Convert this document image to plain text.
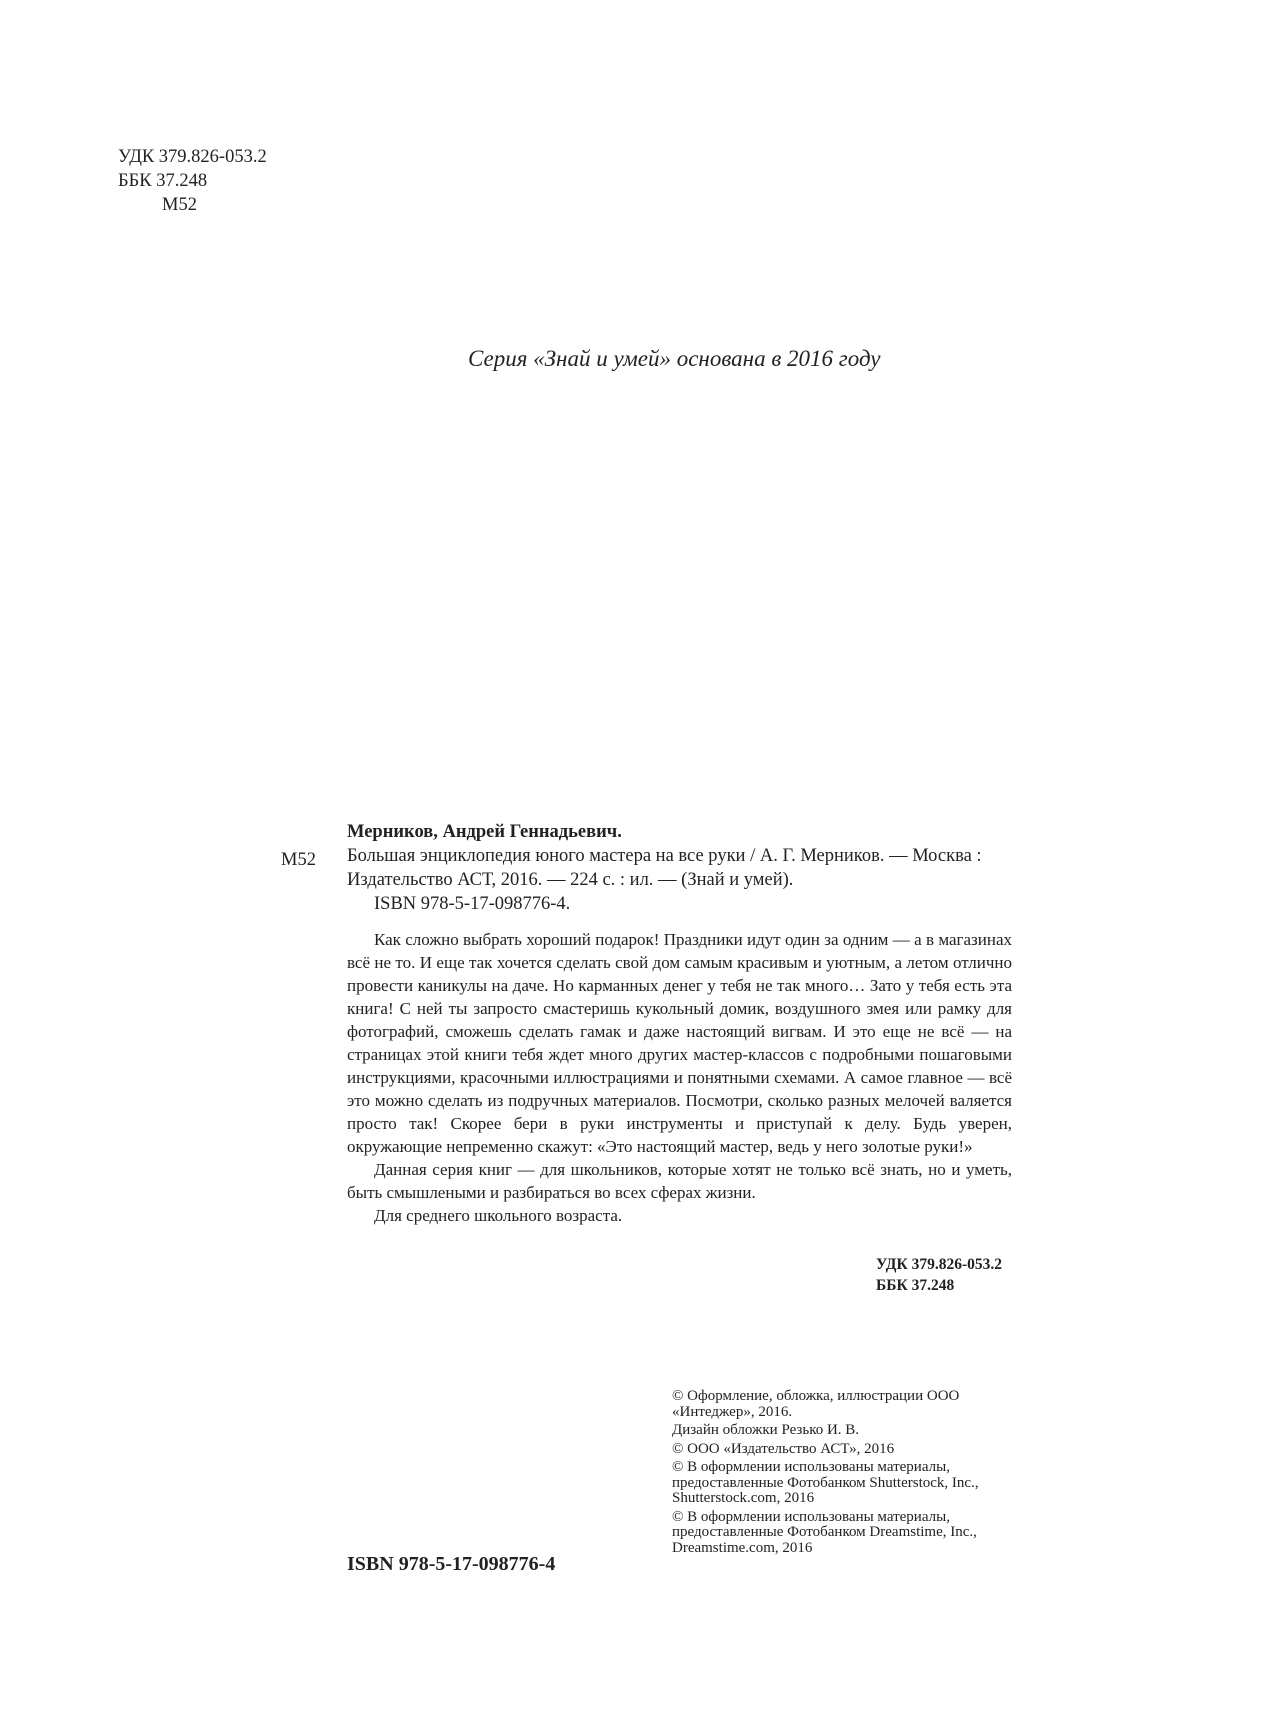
УДК 379.826-053.2
ББК 37.248
М52
Серия «Знай и умей» основана в 2016 году
М52

Мерников, Андрей Геннадьевич.

Большая энциклопедия юного мастера на все руки / А. Г. Мерников. — Москва : Издательство АСТ, 2016. — 224 с. : ил. — (Знай и умей).

ISBN 978-5-17-098776-4.

Как сложно выбрать хороший подарок! Праздники идут один за одним — а в магазинах всё не то. И еще так хочется сделать свой дом самым красивым и уютным, а летом отлично провести каникулы на даче. Но карманных денег у тебя не так много… Зато у тебя есть эта книга! С ней ты запросто смастеришь кукольный домик, воздушного змея или рамку для фотографий, сможешь сделать гамак и даже настоящий вигвам. И это еще не всё — на страницах этой книги тебя ждет много других мастер-классов с подробными пошаговыми инструкциями, красочными иллюстрациями и понятными схемами. А самое главное — всё это можно сделать из подручных материалов. Посмотри, сколько разных мелочей валяется просто так! Скорее бери в руки инструменты и приступай к делу. Будь уверен, окружающие непременно скажут: «Это настоящий мастер, ведь у него золотые руки!»

Данная серия книг — для школьников, которые хотят не только всё знать, но и уметь, быть смышлеными и разбираться во всех сферах жизни.

Для среднего школьного возраста.

УДК 379.826-053.2
ББК 37.248
ISBN 978-5-17-098776-4
© Оформление, обложка, иллюстрации ООО «Интеджер», 2016.
Дизайн обложки Резько И. В.
© ООО «Издательство АСТ», 2016
© В оформлении использованы материалы, предоставленные Фотобанком Shutterstock, Inc., Shutterstock.com, 2016
© В оформлении использованы материалы, предоставленные Фотобанком Dreamstime, Inc., Dreamstime.com, 2016
